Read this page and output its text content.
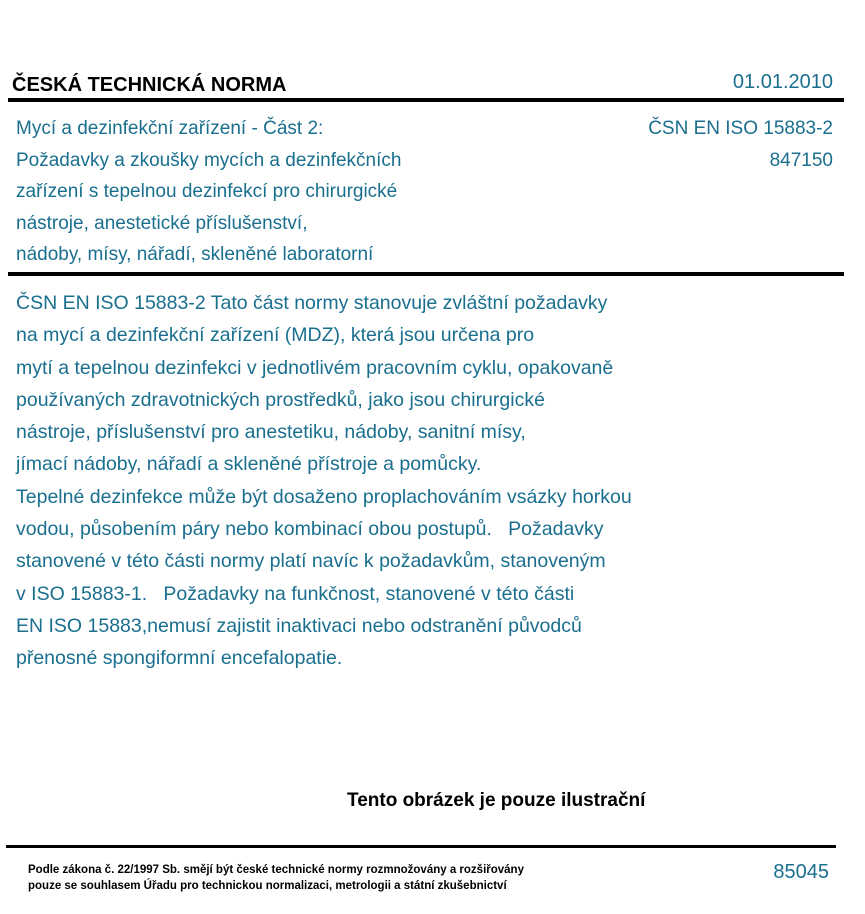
ČESKÁ TECHNICKÁ NORMA	01.01.2010
Mycí a dezinfekční zařízení - Část 2:
Požadavky a zkoušky mycích a dezinfekčních
zařízení s tepelnou dezinfekcí pro chirurgické
nástroje, anestetické příslušenství,
nádoby, mísy, nářadí, skleněné laboratorní
ČSN EN ISO 15883-2
847150
ČSN EN ISO 15883-2 Tato část normy stanovuje zvláštní požadavky
na mycí a dezinfekční zařízení (MDZ), která jsou určena pro
mytí a tepelnou dezinfekci v jednotlivém pracovním cyklu, opakovaně
používaných zdravotnických prostředků, jako jsou chirurgické
nástroje, příslušenství pro anestetiku, nádoby, sanitní mísy,
jímací nádoby, nářadí a skleněné přístroje a pomůcky.
Tepelné dezinfekce může být dosaženo proplachováním vsázky horkou
vodou, působením páry nebo kombinací obou postupů.   Požadavky
stanovené v této části normy platí navíc k požadavkům, stanoveným
v ISO 15883-1.   Požadavky na funkčnost, stanovené v této části
EN ISO 15883,nemusí zajistit inaktivaci nebo odstranění původců
přenosné spongiformní encefalopatie.
Tento obrázek je pouze ilustrační
Podle zákona č. 22/1997 Sb. smějí být české technické normy rozmnožovány a rozšiřovány
pouze se souhlasem Úřadu pro technickou normalizaci, metrologii a státní zkušebnictví
85045
